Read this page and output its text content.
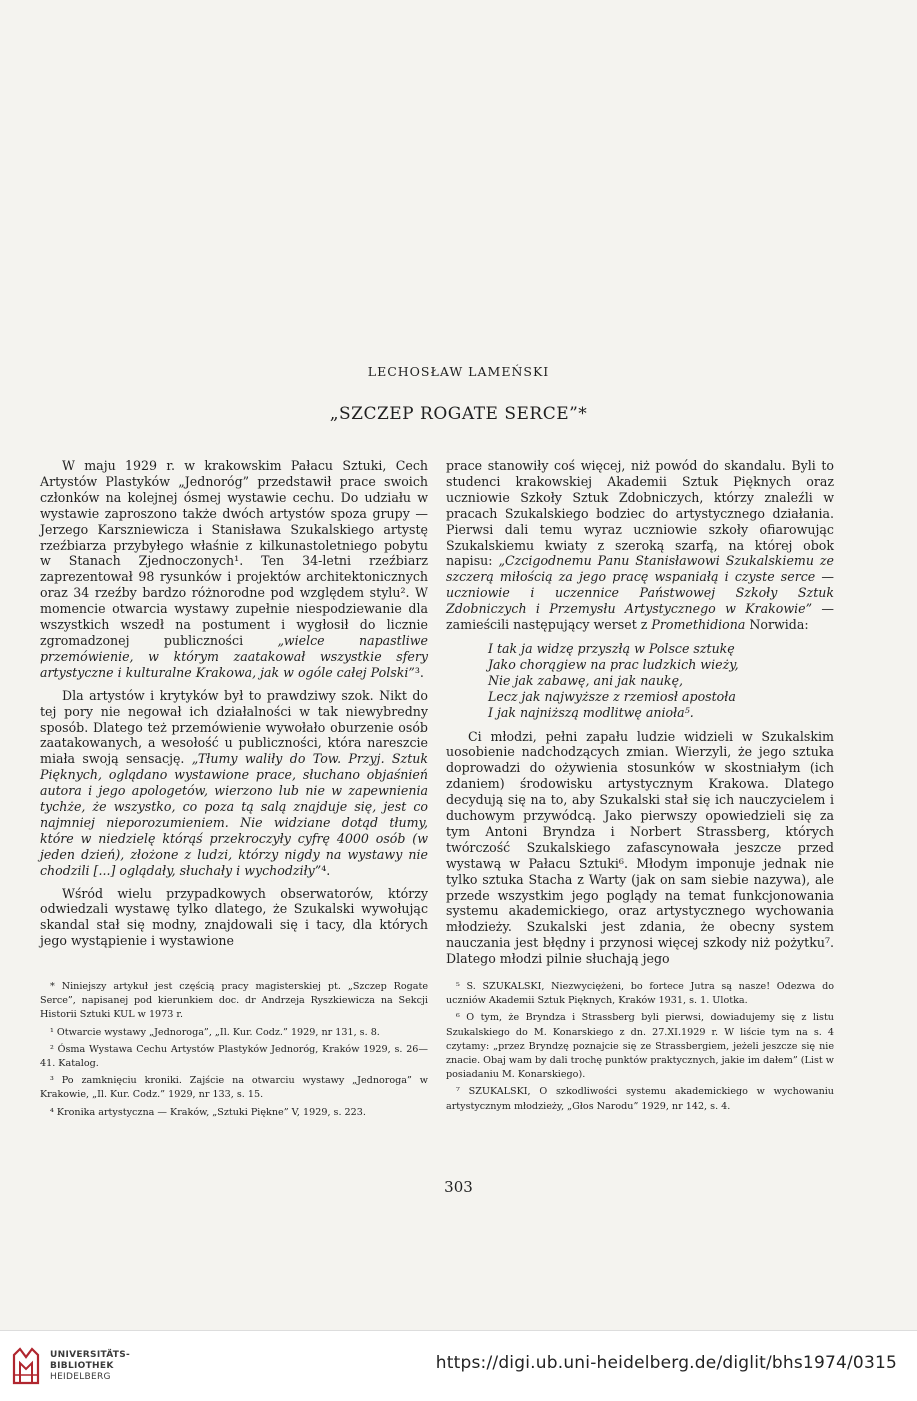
LECHOSŁAW LAMEŃSKI
„SZCZEP ROGATE SERCE”*

W maju 1929 r. w krakowskim Pałacu Sztuki, Cech Artystów Plastyków „Jednoróg” przedstawił prace swoich członków na kolejnej ósmej wystawie cechu. Do udziału w wystawie zaproszono także dwóch artystów spoza grupy — Jerzego Karszniewicza i Stanisława Szukalskiego artystę rzeźbiarza przybyłego właśnie z kilkunastoletniego pobytu w Stanach Zjednoczonych¹. Ten 34-letni rzeźbiarz zaprezentował 98 rysunków i projektów architektonicznych oraz 34 rzeźby bardzo różnorodne pod względem stylu². W momencie otwarcia wystawy zupełnie niespodziewanie dla wszystkich wszedł na postument i wygłosił do licznie zgromadzonej publiczności „wielce napastliwe przemówienie, w którym zaatakował wszystkie sfery artystyczne i kulturalne Krakowa, jak w ogóle całej Polski”³.

Dla artystów i krytyków był to prawdziwy szok. Nikt do tej pory nie negował ich działalności w tak niewybredny sposób. Dlatego też przemówienie wywołało oburzenie osób zaatakowanych, a wesołość u publiczności, która nareszcie miała swoją sensację. „Tłumy waliły do Tow. Przyj. Sztuk Pięknych, oglądano wystawione prace, słuchano objaśnień autora i jego apologetów, wierzono lub nie w zapewnienia tychże, że wszystko, co poza tą salą znajduje się, jest co najmniej nieporozumieniem. Nie widziane dotąd tłumy, które w niedzielę którąś przekroczyły cyfrę 4000 osób (w jeden dzień), złożone z ludzi, którzy nigdy na wystawy nie chodzili [...] oglądały, słuchały i wychodziły”⁴.

Wśród wielu przypadkowych obserwatorów, którzy odwiedzali wystawę tylko dlatego, że Szukalski wywołując skandal stał się modny, znajdowali się i tacy, dla których jego wystąpienie i wystawione

prace stanowiły coś więcej, niż powód do skandalu. Byli to studenci krakowskiej Akademii Sztuk Pięknych oraz uczniowie Szkoły Sztuk Zdobniczych, którzy znaleźli w pracach Szukalskiego bodziec do artystycznego działania. Pierwsi dali temu wyraz uczniowie szkoły ofiarowując Szukalskiemu kwiaty z szeroką szarfą, na której obok napisu: „Czcigodnemu Panu Stanisławowi Szukalskiemu ze szczerą miłością za jego pracę wspaniałą i czyste serce — uczniowie i uczennice Państwowej Szkoły Sztuk Zdobniczych i Przemysłu Artystycznego w Krakowie” — zamieścili następujący werset z Promethidiona Norwida:

I tak ja widzę przyszłą w Polsce sztukę
Jako chorągiew na prac ludzkich wieży,
Nie jak zabawę, ani jak naukę,
Lecz jak najwyższe z rzemiosł apostoła
I jak najniższą modlitwę anioła⁵.

Ci młodzi, pełni zapału ludzie widzieli w Szukalskim uosobienie nadchodzących zmian. Wierzyli, że jego sztuka doprowadzi do ożywienia stosunków w skostniałym (ich zdaniem) środowisku artystycznym Krakowa. Dlatego decydują się na to, aby Szukalski stał się ich nauczycielem i duchowym przywódcą. Jako pierwszy opowiedzieli się za tym Antoni Bryndza i Norbert Strassberg, których twórczość Szukalskiego zafascynowała jeszcze przed wystawą w Pałacu Sztuki⁶. Młodym imponuje jednak nie tylko sztuka Stacha z Warty (jak on sam siebie nazywa), ale przede wszystkim jego poglądy na temat funkcjonowania systemu akademickiego, oraz artystycznego wychowania młodzieży. Szukalski jest zdania, że obecny system nauczania jest błędny i przynosi więcej szkody niż pożytku⁷. Dlatego młodzi pilnie słuchają jego

* Niniejszy artykuł jest częścią pracy magisterskiej pt. „Szczep Rogate Serce”, napisanej pod kierunkiem doc. dr Andrzeja Ryszkiewicza na Sekcji Historii Sztuki KUL w 1973 r.

¹ Otwarcie wystawy „Jednoroga”, „Il. Kur. Codz.” 1929, nr 131, s. 8.

² Ósma Wystawa Cechu Artystów Plastyków Jednoróg, Kraków 1929, s. 26—41. Katalog.

³ Po zamknięciu kroniki. Zajście na otwarciu wystawy „Jednoroga” w Krakowie, „Il. Kur. Codz.” 1929, nr 133, s. 15.

⁴ Kronika artystyczna — Kraków, „Sztuki Piękne” V, 1929, s. 223.

⁵ S. SZUKALSKI, Niezwyciężeni, bo fortece Jutra są nasze! Odezwa do uczniów Akademii Sztuk Pięknych, Kraków 1931, s. 1. Ulotka.

⁶ O tym, że Bryndza i Strassberg byli pierwsi, dowiadujemy się z listu Szukalskiego do M. Konarskiego z dn. 27.XI.1929 r. W liście tym na s. 4 czytamy: „przez Bryndzę poznajcie się ze Strassbergiem, jeżeli jeszcze się nie znacie. Obaj wam by dali trochę punktów praktycznych, jakie im dałem” (List w posiadaniu M. Konarskiego).

⁷ SZUKALSKI, O szkodliwości systemu akademickiego w wychowaniu artystycznym młodzieży, „Głos Narodu” 1929, nr 142, s. 4.

303
UNIVERSITÄTS-
BIBLIOTHEK
HEIDELBERG
https://digi.ub.uni-heidelberg.de/diglit/bhs1974/0315
